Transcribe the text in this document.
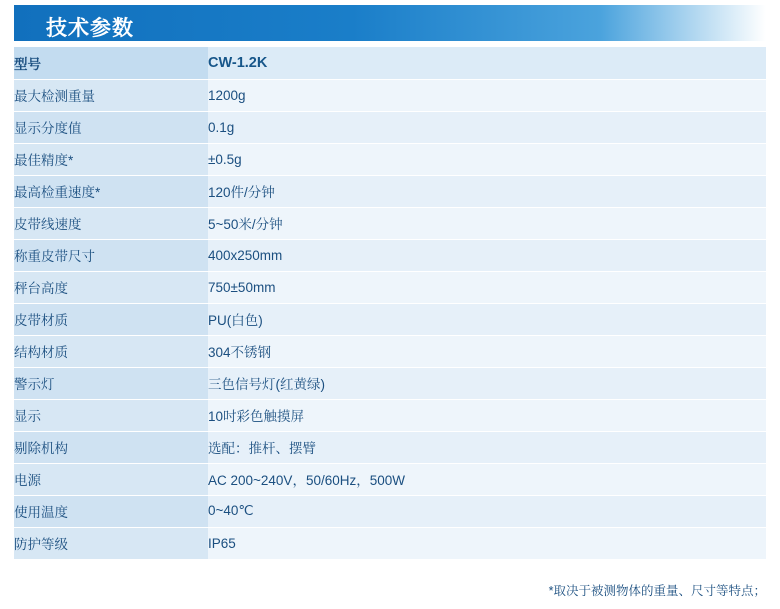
技术参数
型号	CW-1.2K
最大检测重量	1200g
显示分度值	0.1g
最佳精度*	±0.5g
最高检重速度*	120件/分钟
皮带线速度	5~50米/分钟
称重皮带尺寸	400x250mm
秤台高度	750±50mm
皮带材质	PU(白色)
结构材质	304不锈钢
警示灯	三色信号灯(红黄绿)
显示	10吋彩色触摸屏
剔除机构	选配：推杆、摆臂
电源	AC 200~240V，50/60Hz，500W
使用温度	0~40℃
防护等级	IP65
*取决于被测物体的重量、尺寸等特点；
